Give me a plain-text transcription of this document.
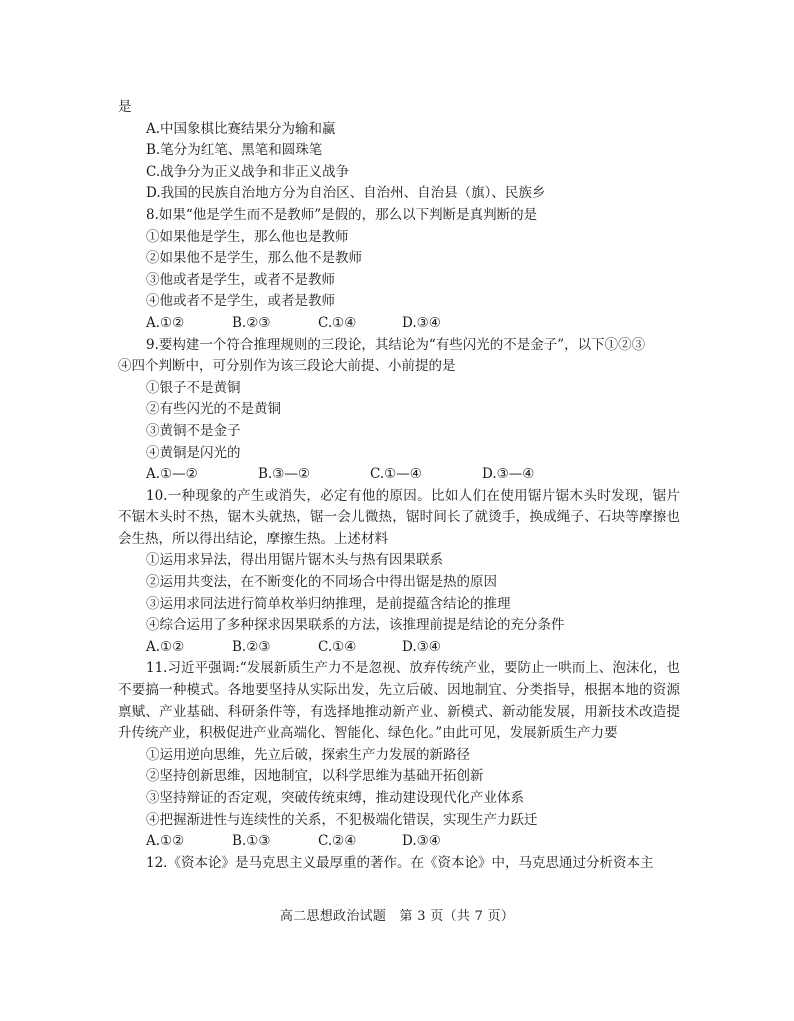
是
A.中国象棋比赛结果分为输和赢
B.笔分为红笔、黑笔和圆珠笔
C.战争分为正义战争和非正义战争
D.我国的民族自治地方分为自治区、自治州、自治县（旗）、民族乡
8.如果“他是学生而不是教师”是假的，那么以下判断是真判断的是
①如果他是学生，那么他也是教师
②如果他不是学生，那么他不是教师
③他或者是学生，或者不是教师
④他或者不是学生，或者是教师
A.①②	B.②③	C.①④	D.③④
9.要构建一个符合推理规则的三段论，其结论为“有些闪光的不是金子”，以下①②③
④四个判断中，可分别作为该三段论大前提、小前提的是
①银子不是黄铜
②有些闪光的不是黄铜
③黄铜不是金子
④黄铜是闪光的
A.①—②	B.③—②	C.①—④	D.③—④
10.一种现象的产生或消失，必定有他的原因。比如人们在使用锯片锯木头时发现，锯片不锯木头时不热，锯木头就热，锯一会儿微热，锯时间长了就烫手，换成绳子、石块等摩擦也会生热，所以得出结论，摩擦生热。上述材料
①运用求异法，得出用锯片锯木头与热有因果联系
②运用共变法，在不断变化的不同场合中得出锯是热的原因
③运用求同法进行简单枚举归纳推理，是前提蕴含结论的推理
④综合运用了多种探求因果联系的方法，该推理前提是结论的充分条件
A.①②	B.②③	C.①④	D.③④
11.习近平强调:“发展新质生产力不是忽视、放弃传统产业，要防止一哄而上、泡沫化，也不要搞一种模式。各地要坚持从实际出发，先立后破、因地制宜、分类指导，根据本地的资源禀赋、产业基础、科研条件等，有选择地推动新产业、新模式、新动能发展，用新技术改造提升传统产业，积极促进产业高端化、智能化、绿色化。”由此可见，发展新质生产力要
①运用逆向思维，先立后破，探索生产力发展的新路径
②坚持创新思维，因地制宜，以科学思维为基础开拓创新
③坚持辩证的否定观，突破传统束缚，推动建设现代化产业体系
④把握渐进性与连续性的关系，不犯极端化错误，实现生产力跃迁
A.①②	B.①③	C.②④	D.③④
12.《资本论》是马克思主义最厚重的著作。在《资本论》中，马克思通过分析资本主
高二思想政治试题　第 3 页（共 7 页）
